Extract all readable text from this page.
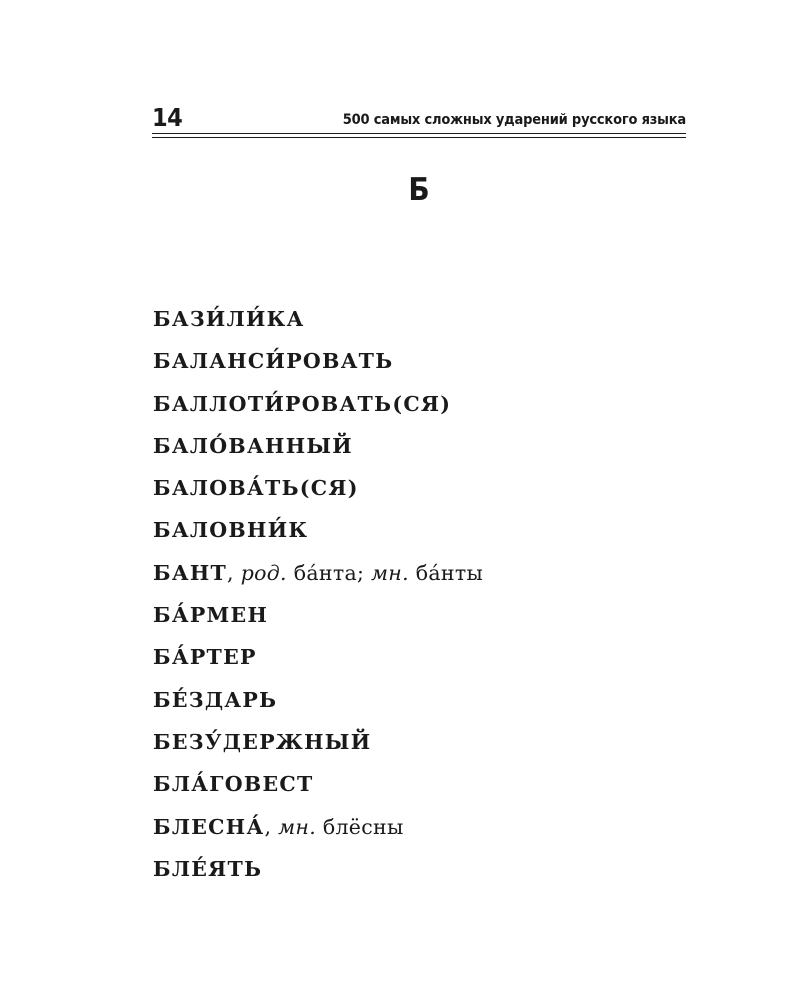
14	500 самых сложных ударений русского языка
Б
БАЗИ́ЛИ́КА
БАЛАНСИ́РОВАТЬ
БАЛЛОТИ́РОВАТЬ(СЯ)
БАЛО́ВАННЫЙ
БАЛОВА́ТЬ(СЯ)
БАЛОВНИ́К
БАНТ, род. ба́нта; мн. ба́нты
БА́РМЕН
БА́РТЕР
БЕ́ЗДАРЬ
БЕЗУ́ДЕРЖНЫЙ
БЛА́ГОВЕСТ
БЛЕСНА́, мн. блёсны
БЛЕ́ЯТЬ
